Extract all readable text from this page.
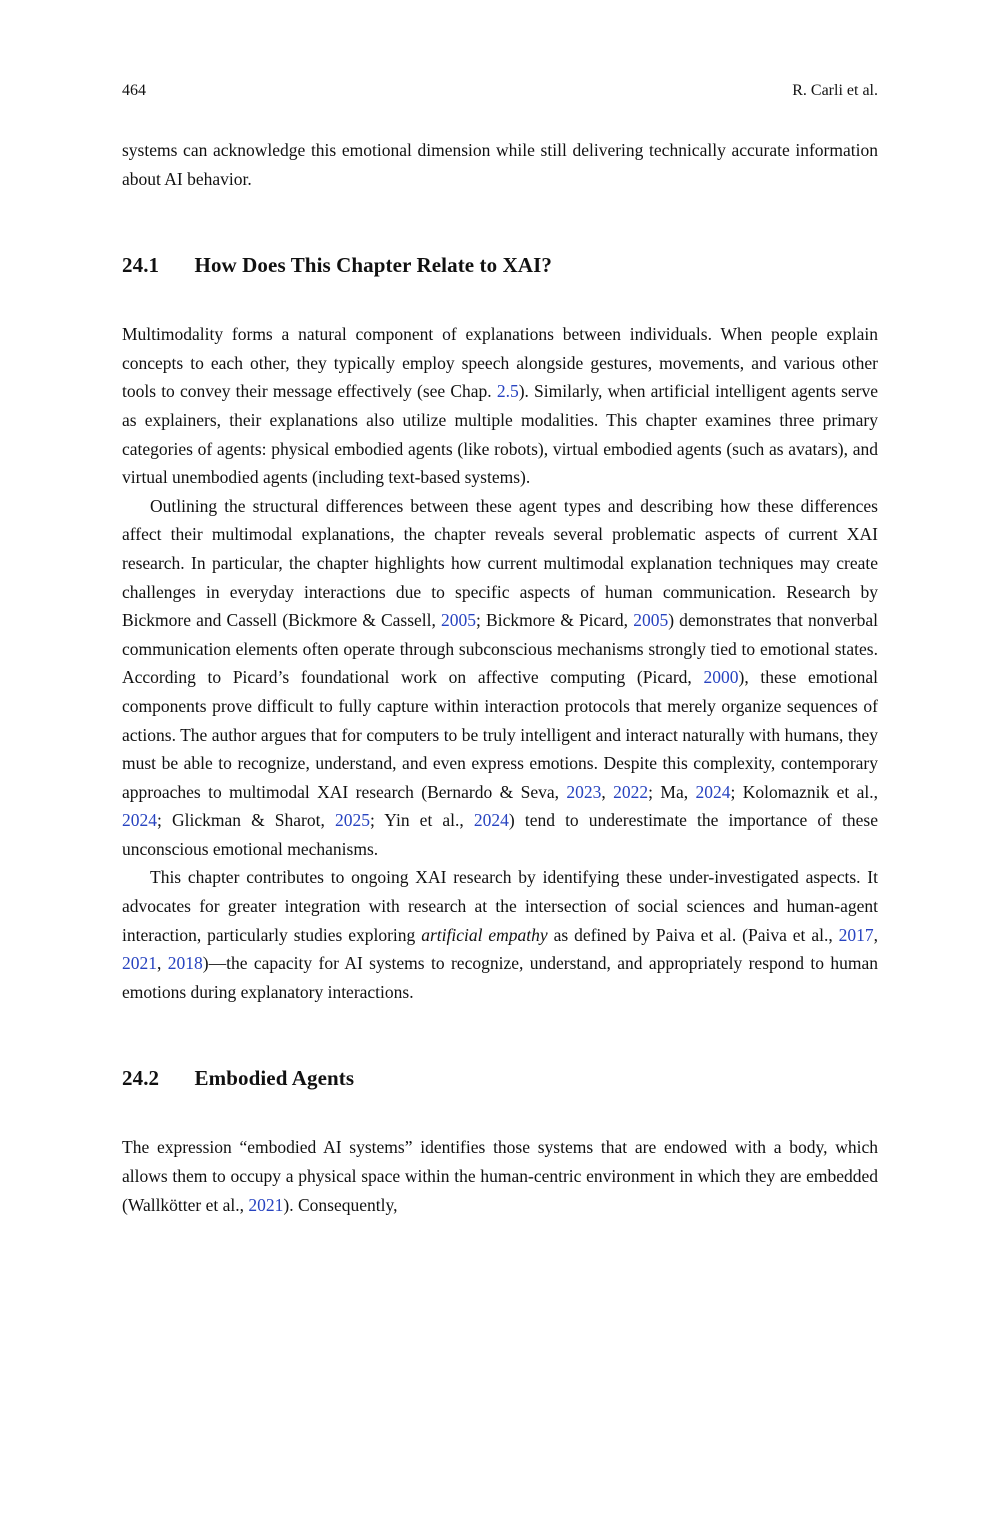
464	R. Carli et al.

systems can acknowledge this emotional dimension while still delivering technically accurate information about AI behavior.

24.1 How Does This Chapter Relate to XAI?

Multimodality forms a natural component of explanations between individuals. When people explain concepts to each other, they typically employ speech alongside gestures, movements, and various other tools to convey their message effectively (see Chap. 2.5). Similarly, when artificial intelligent agents serve as explainers, their explanations also utilize multiple modalities. This chapter examines three primary categories of agents: physical embodied agents (like robots), virtual embodied agents (such as avatars), and virtual unembodied agents (including text-based systems).

Outlining the structural differences between these agent types and describing how these differences affect their multimodal explanations, the chapter reveals several problematic aspects of current XAI research. In particular, the chapter highlights how current multimodal explanation techniques may create challenges in everyday interactions due to specific aspects of human communication. Research by Bickmore and Cassell (Bickmore & Cassell, 2005; Bickmore & Picard, 2005) demonstrates that nonverbal communication elements often operate through subconscious mechanisms strongly tied to emotional states. According to Picard’s foundational work on affective computing (Picard, 2000), these emotional components prove difficult to fully capture within interaction protocols that merely organize sequences of actions. The author argues that for computers to be truly intelligent and interact naturally with humans, they must be able to recognize, understand, and even express emotions. Despite this complexity, contemporary approaches to multimodal XAI research (Bernardo & Seva, 2023, 2022; Ma, 2024; Kolomaznik et al., 2024; Glickman & Sharot, 2025; Yin et al., 2024) tend to underestimate the importance of these unconscious emotional mechanisms.

This chapter contributes to ongoing XAI research by identifying these under-investigated aspects. It advocates for greater integration with research at the intersection of social sciences and human-agent interaction, particularly studies exploring artificial empathy as defined by Paiva et al. (Paiva et al., 2017, 2021, 2018)—the capacity for AI systems to recognize, understand, and appropriately respond to human emotions during explanatory interactions.

24.2 Embodied Agents

The expression “embodied AI systems” identifies those systems that are endowed with a body, which allows them to occupy a physical space within the human-centric environment in which they are embedded (Wallkötter et al., 2021). Consequently,
